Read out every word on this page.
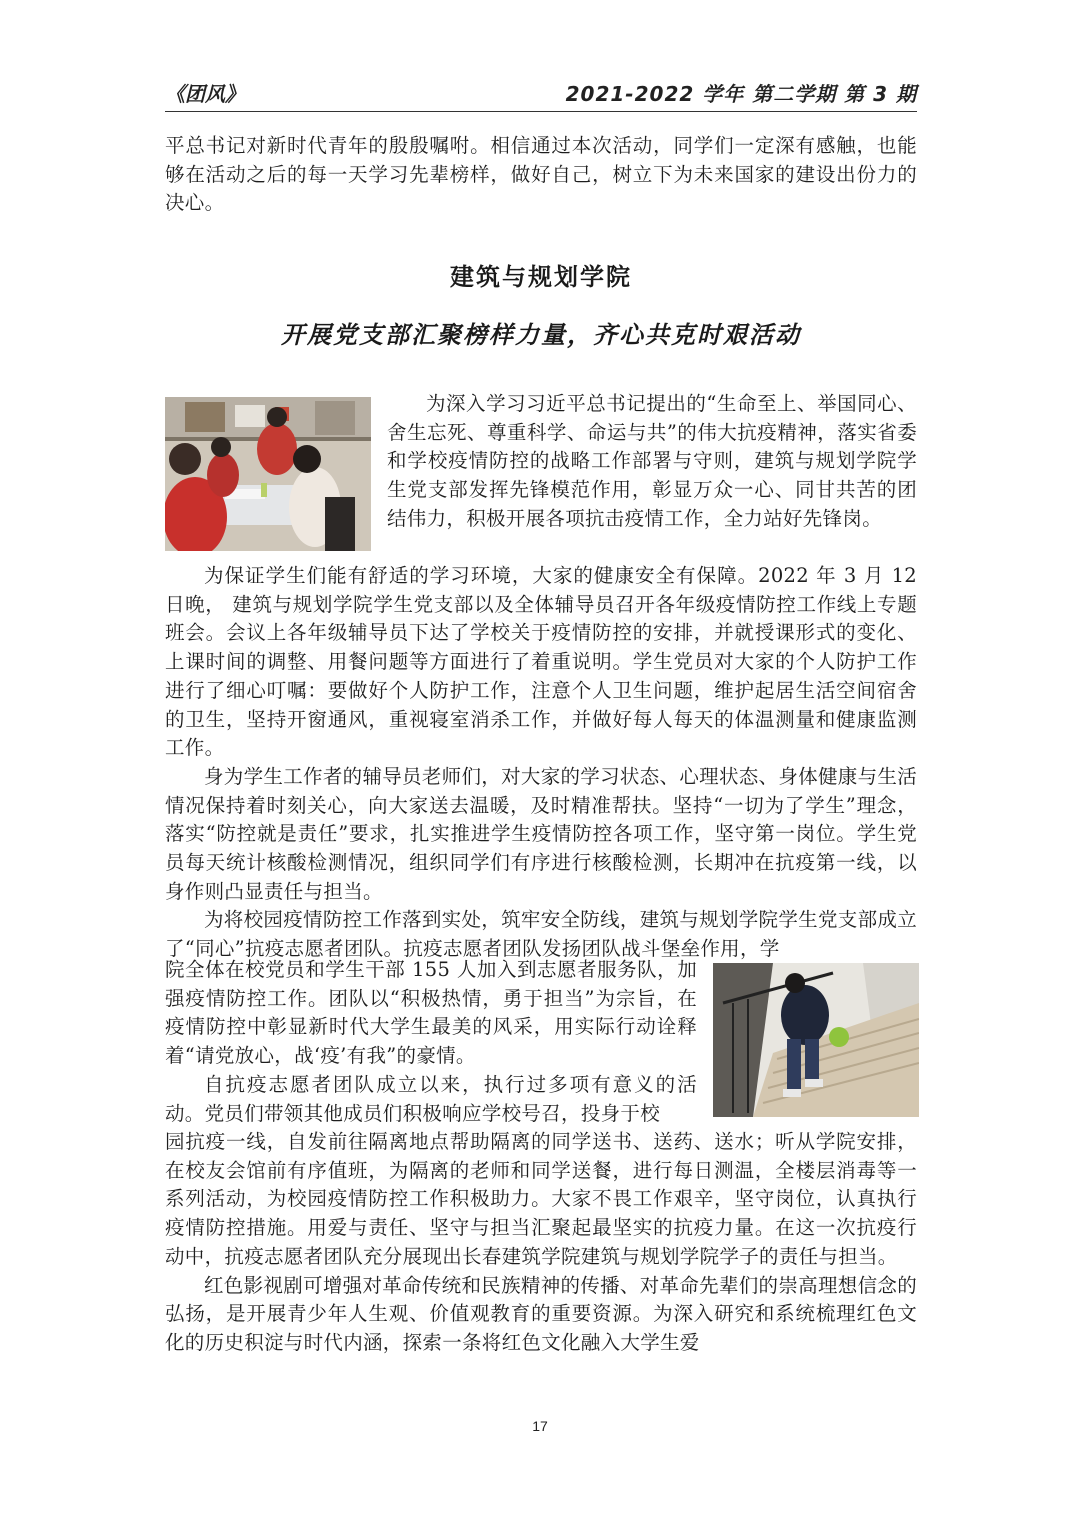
《团风》	2021-2022 学年 第二学期 第 3 期

平总书记对新时代青年的殷殷嘱咐。相信通过本次活动，同学们一定深有感触，也能够在活动之后的每一天学习先辈榜样，做好自己，树立下为未来国家的建设出份力的决心。

建筑与规划学院
开展党支部汇聚榜样力量，齐心共克时艰活动

为深入学习习近平总书记提出的“生命至上、举国同心、舍生忘死、尊重科学、命运与共”的伟大抗疫精神，落实省委和学校疫情防控的战略工作部署与守则，建筑与规划学院学生党支部发挥先锋模范作用，彰显万众一心、同甘共苦的团结伟力，积极开展各项抗击疫情工作，全力站好先锋岗。

为保证学生们能有舒适的学习环境，大家的健康安全有保障。2022 年 3 月 12 日晚， 建筑与规划学院学生党支部以及全体辅导员召开各年级疫情防控工作线上专题班会。会议上各年级辅导员下达了学校关于疫情防控的安排，并就授课形式的变化、上课时间的调整、用餐问题等方面进行了着重说明。学生党员对大家的个人防护工作进行了细心叮嘱：要做好个人防护工作，注意个人卫生问题，维护起居生活空间宿舍的卫生，坚持开窗通风，重视寝室消杀工作，并做好每人每天的体温测量和健康监测工作。

身为学生工作者的辅导员老师们，对大家的学习状态、心理状态、身体健康与生活情况保持着时刻关心，向大家送去温暖，及时精准帮扶。坚持“一切为了学生”理念，落实“防控就是责任”要求，扎实推进学生疫情防控各项工作，坚守第一岗位。学生党员每天统计核酸检测情况，组织同学们有序进行核酸检测，长期冲在抗疫第一线，以身作则凸显责任与担当。

为将校园疫情防控工作落到实处，筑牢安全防线，建筑与规划学院学生党支部成立了“同心”抗疫志愿者团队。抗疫志愿者团队发扬团队战斗堡垒作用，学

院全体在校党员和学生干部 155 人加入到志愿者服务队，加强疫情防控工作。团队以“积极热情，勇于担当”为宗旨，在疫情防控中彰显新时代大学生最美的风采，用实际行动诠释着“请党放心，战‘疫’有我”的豪情。

自抗疫志愿者团队成立以来，执行过多项有意义的活动。党员们带领其他成员们积极响应学校号召，投身于校

园抗疫一线，自发前往隔离地点帮助隔离的同学送书、送药、送水；听从学院安排，在校友会馆前有序值班，为隔离的老师和同学送餐，进行每日测温，全楼层消毒等一系列活动，为校园疫情防控工作积极助力。大家不畏工作艰辛，坚守岗位，认真执行疫情防控措施。用爱与责任、坚守与担当汇聚起最坚实的抗疫力量。在这一次抗疫行动中，抗疫志愿者团队充分展现出长春建筑学院建筑与规划学院学子的责任与担当。

红色影视剧可增强对革命传统和民族精神的传播、对革命先辈们的崇高理想信念的弘扬，是开展青少年人生观、价值观教育的重要资源。为深入研究和系统梳理红色文化的历史积淀与时代内涵，探索一条将红色文化融入大学生爱

17
